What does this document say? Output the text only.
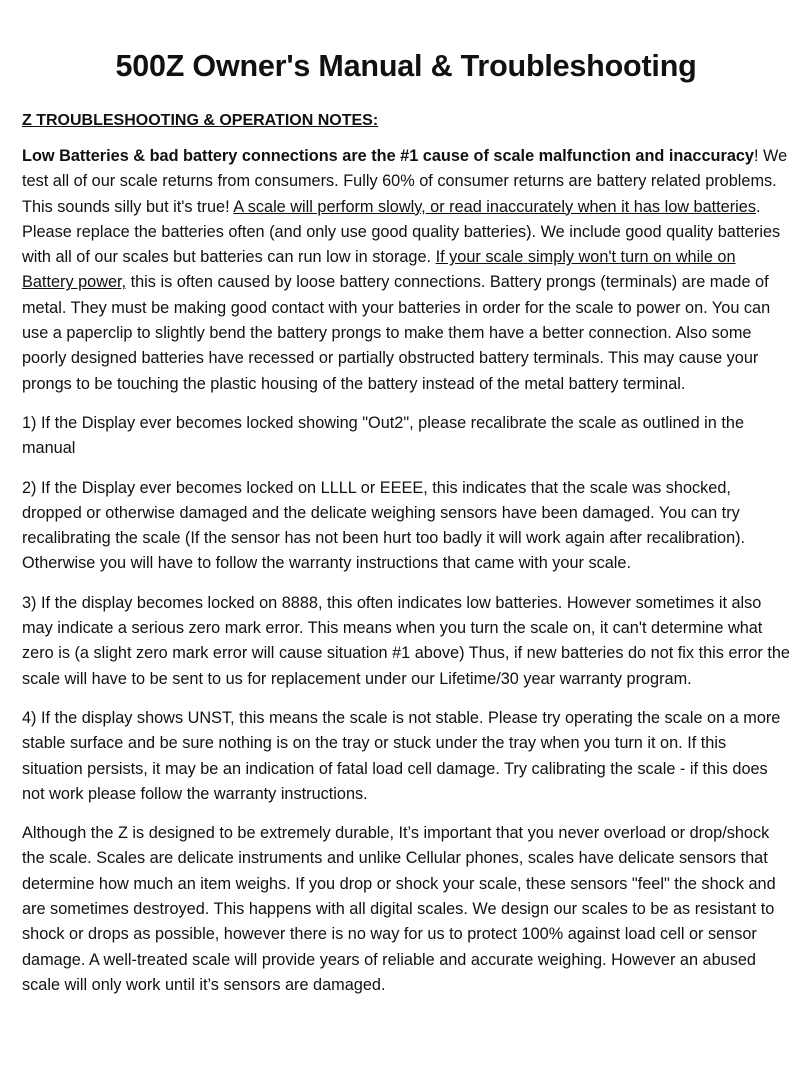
500Z Owner's Manual & Troubleshooting
Z TROUBLESHOOTING & OPERATION NOTES:

Low Batteries & bad battery connections are the #1 cause of scale malfunction and inaccuracy! We test all of our scale returns from consumers. Fully 60% of consumer returns are battery related problems. This sounds silly but it's true! A scale will perform slowly, or read inaccurately when it has low batteries. Please replace the batteries often (and only use good quality batteries). We include good quality batteries with all of our scales but batteries can run low in storage. If your scale simply won't turn on while on Battery power, this is often caused by loose battery connections. Battery prongs (terminals) are made of metal. They must be making good contact with your batteries in order for the scale to power on. You can use a paperclip to slightly bend the battery prongs to make them have a better connection. Also some poorly designed batteries have recessed or partially obstructed battery terminals. This may cause your prongs to be touching the plastic housing of the battery instead of the metal battery terminal.

1) If the Display ever becomes locked showing "Out2", please recalibrate the scale as outlined in the manual

2) If the Display ever becomes locked on LLLL or EEEE, this indicates that the scale was shocked, dropped or otherwise damaged and the delicate weighing sensors have been damaged. You can try recalibrating the scale (If the sensor has not been hurt too badly it will work again after recalibration). Otherwise you will have to follow the warranty instructions that came with your scale.

3) If the display becomes locked on 8888, this often indicates low batteries. However sometimes it also may indicate a serious zero mark error. This means when you turn the scale on, it can't determine what zero is (a slight zero mark error will cause situation #1 above) Thus, if new batteries do not fix this error the scale will have to be sent to us for replacement under our Lifetime/30 year warranty program.

4) If the display shows UNST, this means the scale is not stable. Please try operating the scale on a more stable surface and be sure nothing is on the tray or stuck under the tray when you turn it on. If this situation persists, it may be an indication of fatal load cell damage. Try calibrating the scale - if this does not work please follow the warranty instructions.

Although the Z is designed to be extremely durable, It’s important that you never overload or drop/shock the scale. Scales are delicate instruments and unlike Cellular phones, scales have delicate sensors that determine how much an item weighs. If you drop or shock your scale, these sensors "feel" the shock and are sometimes destroyed. This happens with all digital scales. We design our scales to be as resistant to shock or drops as possible, however there is no way for us to protect 100% against load cell or sensor damage. A well-treated scale will provide years of reliable and accurate weighing. However an abused scale will only work until it’s sensors are damaged.
